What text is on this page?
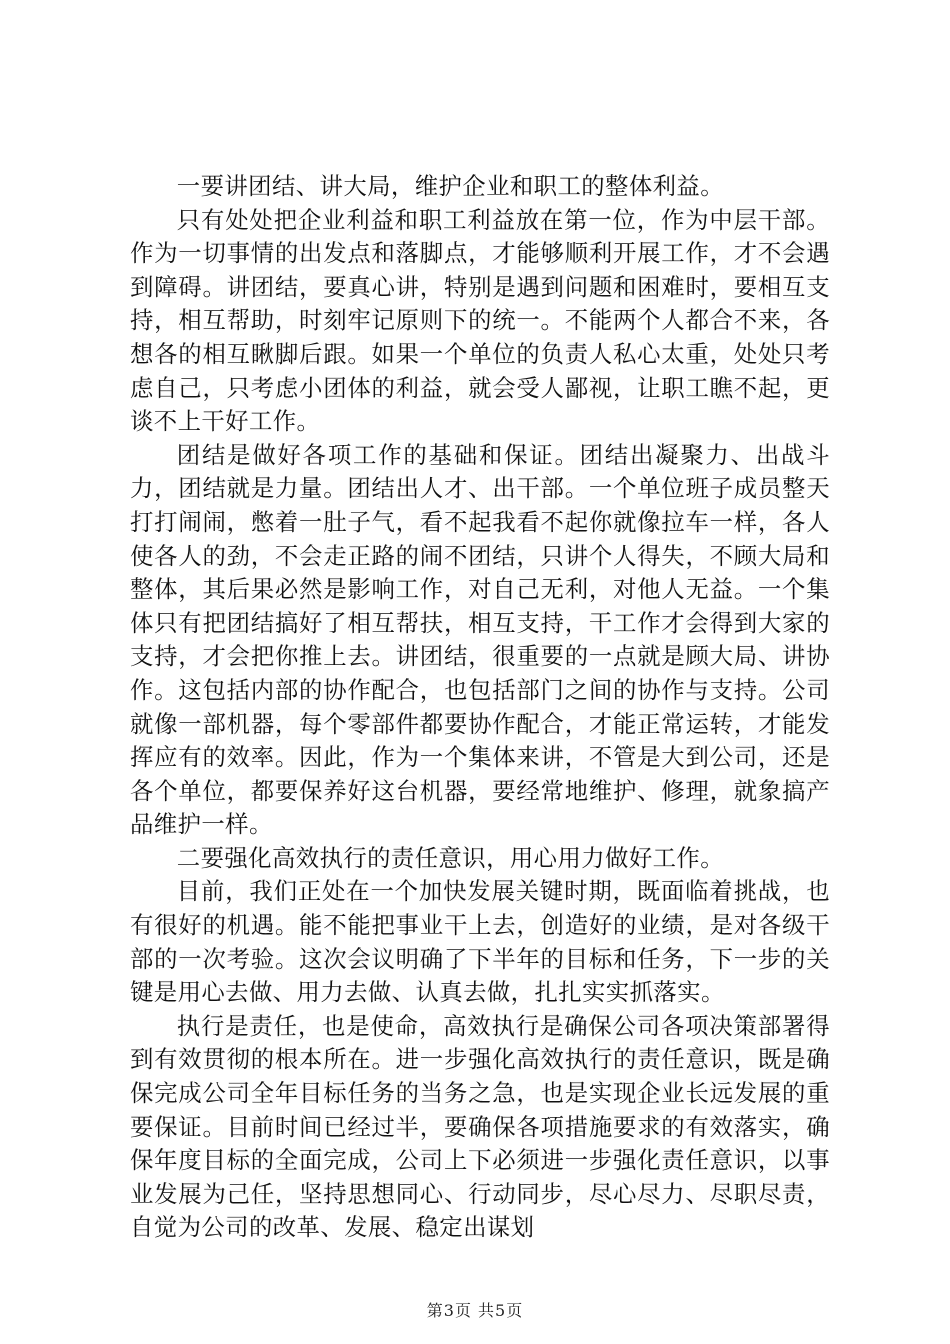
一要讲团结、讲大局，维护企业和职工的整体利益。

只有处处把企业利益和职工利益放在第一位，作为中层干部。作为一切事情的出发点和落脚点，才能够顺利开展工作，才不会遇到障碍。讲团结，要真心讲，特别是遇到问题和困难时，要相互支持，相互帮助，时刻牢记原则下的统一。不能两个人都合不来，各想各的相互瞅脚后跟。如果一个单位的负责人私心太重，处处只考虑自己，只考虑小团体的利益，就会受人鄙视，让职工瞧不起，更谈不上干好工作。

团结是做好各项工作的基础和保证。团结出凝聚力、出战斗力，团结就是力量。团结出人才、出干部。一个单位班子成员整天打打闹闹，憋着一肚子气，看不起我看不起你就像拉车一样，各人使各人的劲，不会走正路的闹不团结，只讲个人得失，不顾大局和整体，其后果必然是影响工作，对自己无利，对他人无益。一个集体只有把团结搞好了相互帮扶，相互支持，干工作才会得到大家的支持，才会把你推上去。讲团结，很重要的一点就是顾大局、讲协作。这包括内部的协作配合，也包括部门之间的协作与支持。公司就像一部机器，每个零部件都要协作配合，才能正常运转，才能发挥应有的效率。因此，作为一个集体来讲，不管是大到公司，还是各个单位，都要保养好这台机器，要经常地维护、修理，就象搞产品维护一样。

二要强化高效执行的责任意识，用心用力做好工作。

目前，我们正处在一个加快发展关键时期，既面临着挑战，也有很好的机遇。能不能把事业干上去，创造好的业绩，是对各级干部的一次考验。这次会议明确了下半年的目标和任务，下一步的关键是用心去做、用力去做、认真去做，扎扎实实抓落实。

执行是责任，也是使命，高效执行是确保公司各项决策部署得到有效贯彻的根本所在。进一步强化高效执行的责任意识，既是确保完成公司全年目标任务的当务之急，也是实现企业长远发展的重要保证。目前时间已经过半，要确保各项措施要求的有效落实，确保年度目标的全面完成，公司上下必须进一步强化责任意识，以事业发展为己任，坚持思想同心、行动同步，尽心尽力、尽职尽责，自觉为公司的改革、发展、稳定出谋划

第3页 共5页
